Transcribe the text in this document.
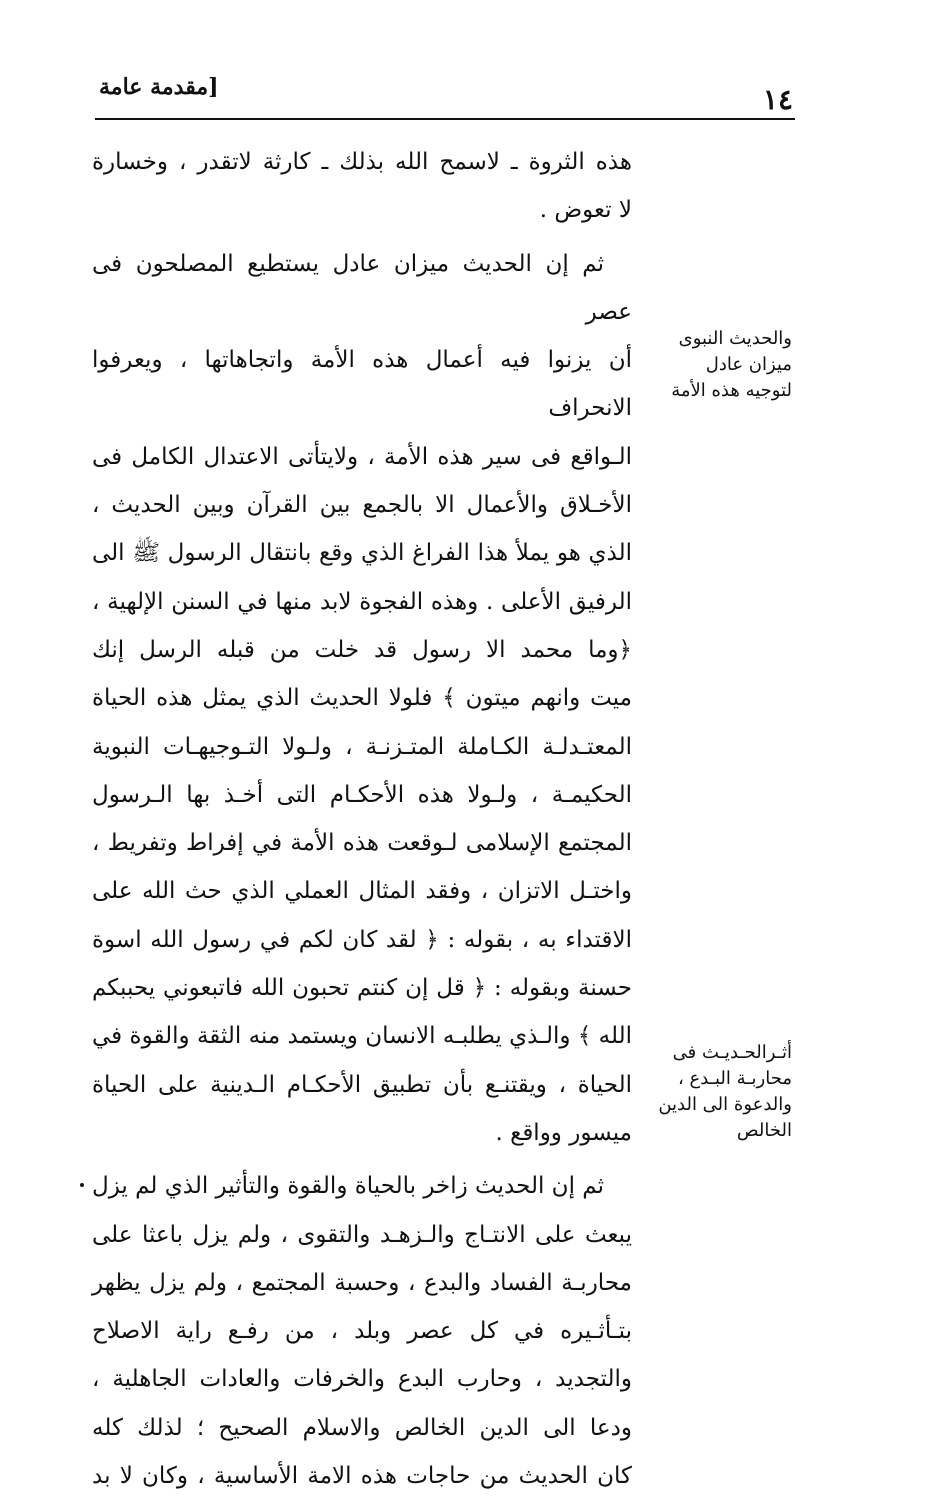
١٤
[مقدمة عامة
هذه الثروة ـ لاسمح الله بذلك ـ كارثة لاتقدر ، وخسارة
لا تعوض .
ثم إن الحديث ميزان عادل يستطيع المصلحون فى عصر
أن يزنوا فيه أعمال هذه الأمة واتجاهاتها ، ويعرفوا الانحراف
الـواقع فى سير هذه الأمة ، ولايتأتى الاعتدال الكامل فى
الأخـلاق والأعمال الا بالجمع بين القرآن وبين الحديث ،
الذي هو يملأ هذا الفراغ الذي وقع بانتقال الرسول ﷺ الى
الرفيق الأعلى . وهذه الفجوة لابد منها في السنن الإلهية ،
﴿وما محمد الا رسول قد خلت من قبله الرسل إنك
ميت وانهم ميتون ﴾ فلولا الحديث الذي يمثل هذه الحياة
المعتـدلـة الكـاملة المتـزنـة ، ولـولا التـوجيهـات النبوية
الحكيمـة ، ولـولا هذه الأحكـام التى أخـذ بها الـرسول
المجتمع الإسلامى لـوقعت هذه الأمة في إفراط وتفريط ،
واختـل الاتزان ، وفقد المثال العملي الذي حث الله على
الاقتداء به ، بقوله : ﴿ لقد كان لكم في رسول الله اسوة
حسنة وبقوله : ﴿ قل إن كنتم تحبون الله فاتبعوني يحببكم
الله ﴾ والـذي يطلبـه الانسان ويستمد منه الثقة والقوة في
الحياة ، ويقتنـع بأن تطبيق الأحكـام الـدينية على الحياة
ميسور وواقع .
ثم إن الحديث زاخر بالحياة والقوة والتأثير الذي لم يزل
يبعث على الانتـاج والـزهـد والتقوى ، ولم يزل باعثا على
محاربـة الفساد والبدع ، وحسبة المجتمع ، ولم يزل يظهر
بتـأثـيره في كل عصر وبلد ، من رفـع راية الاصلاح
والتجديد ، وحارب البدع والخرفات والعادات الجاهلية ،
ودعا الى الدين الخالص والاسلام الصحيح ؛ لذلك كله
كان الحديث من حاجات هذه الامة الأساسية ، وكان لا بد
والحديث النبوى
ميزان عادل
لتوجيه هذه الأمة
أثـرالحـديـث فى
محاربـة البـدع ،
والدعوة الى الدين
الخالص
